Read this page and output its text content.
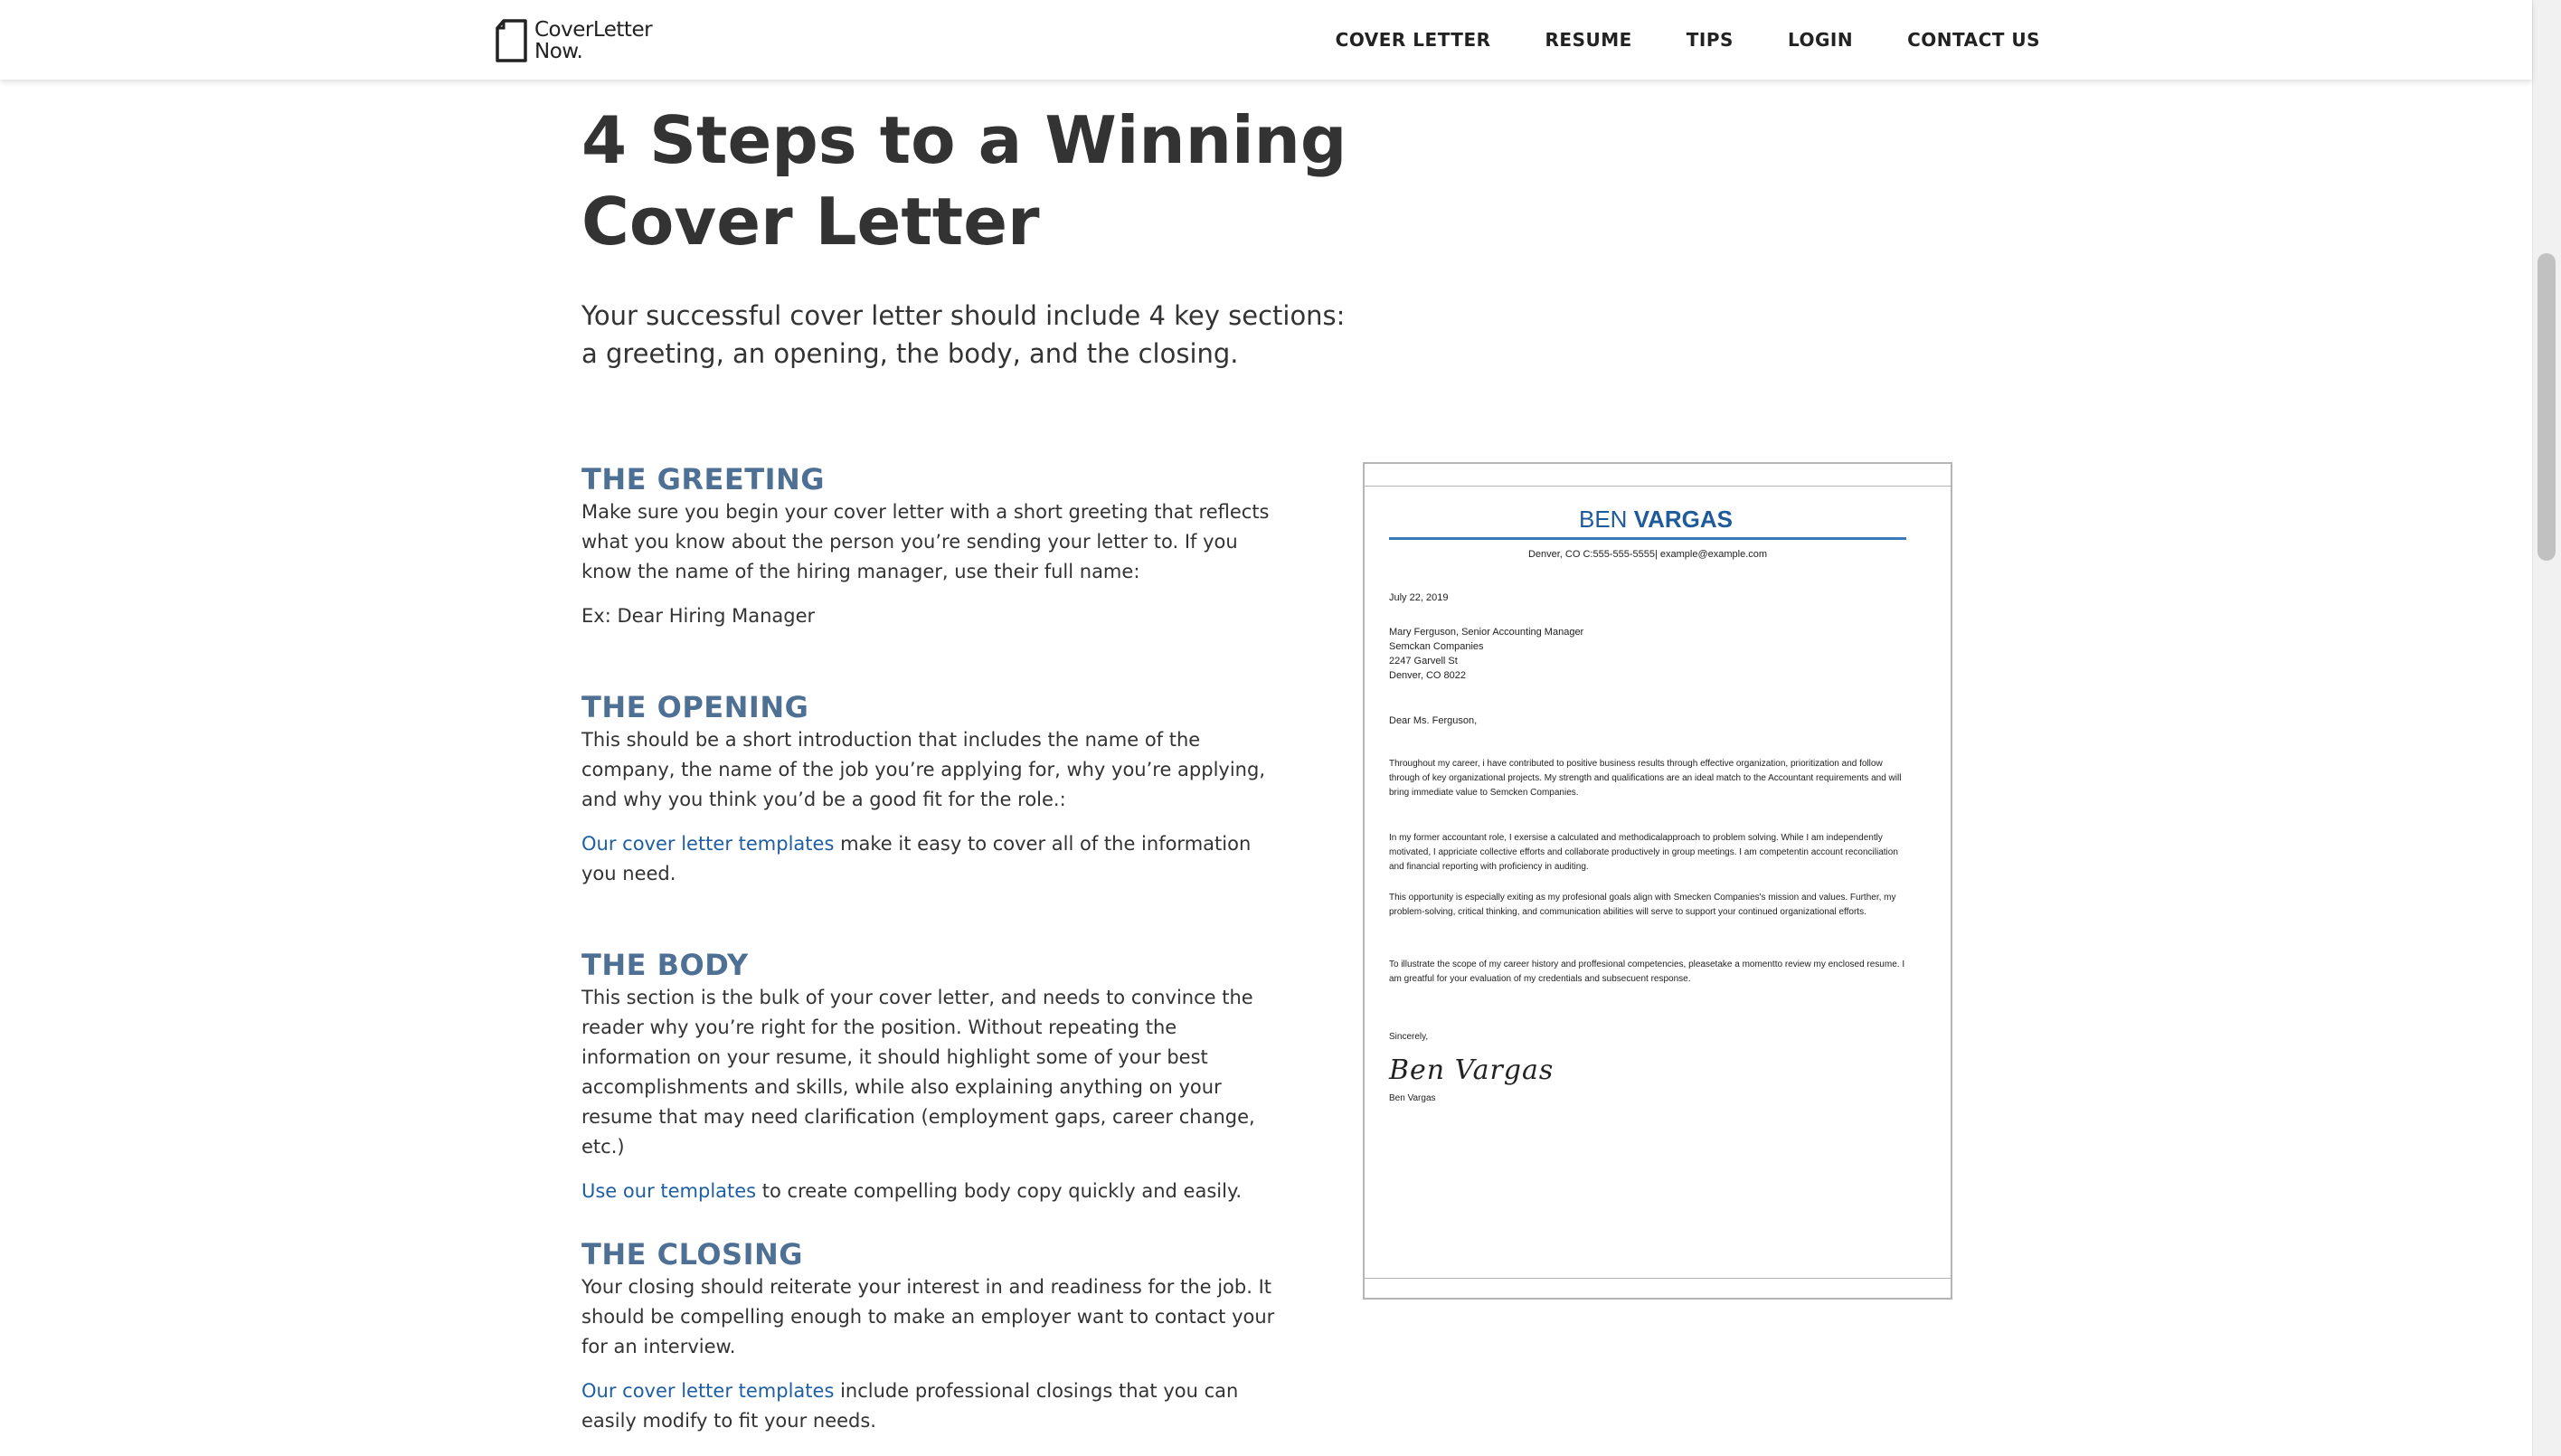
CoverLetter
Now.	COVER LETTER	RESUME	TIPS	LOGIN	CONTACT US
4 Steps to a Winning Cover Letter

Your successful cover letter should include 4 key sections: a greeting, an opening, the body, and the closing.

THE GREETING

Make sure you begin your cover letter with a short greeting that reflects what you know about the person you’re sending your letter to. If you know the name of the hiring manager, use their full name:

Ex: Dear Hiring Manager

THE OPENING

This should be a short introduction that includes the name of the company, the name of the job you’re applying for, why you’re applying, and why you think you’d be a good fit for the role.:

Our cover letter templates make it easy to cover all of the information you need.

THE BODY

This section is the bulk of your cover letter, and needs to convince the reader why you’re right for the position. Without repeating the information on your resume, it should highlight some of your best accomplishments and skills, while also explaining anything on your resume that may need clarification (employment gaps, career change, etc.)

Use our templates to create compelling body copy quickly and easily.

THE CLOSING

Your closing should reiterate your interest in and readiness for the job. It should be compelling enough to make an employer want to contact your for an interview.

Our cover letter templates include professional closings that you can easily modify to fit your needs.

BEN VARGAS
Denver, CO C:555-555-5555| example@example.com
July 22, 2019
Mary Ferguson, Senior Accounting Manager
Semckan Companies
2247 Garvell St
Denver, CO 8022
Dear Ms. Ferguson,
Throughout my career, i have contributed to positive business results through effective organization, prioritization and follow through of key organizational projects. My strength and qualifications are an ideal match to the Accountant requirements and will bring immediate value to Semcken Companies.
In my former accountant role, I exersise a calculated and methodicalapproach to problem solving. While I am independently motivated, I appriciate collective efforts and collaborate productively in group meetings. I am competentin account reconciliation and financial reporting with proficiency in auditing.
This opportunity is especially exiting as my profesional goals align with Smecken Companies's mission and values. Further, my problem-solving, critical thinking, and communication abilities will serve to support your continued organizational efforts.
To illustrate the scope of my career history and proffesional competencies, pleasetake a momentto review my enclosed resume. I am greatful for your evaluation of my credentials and subsecuent response.
Sincerely,
Ben Vargas
Ben Vargas
